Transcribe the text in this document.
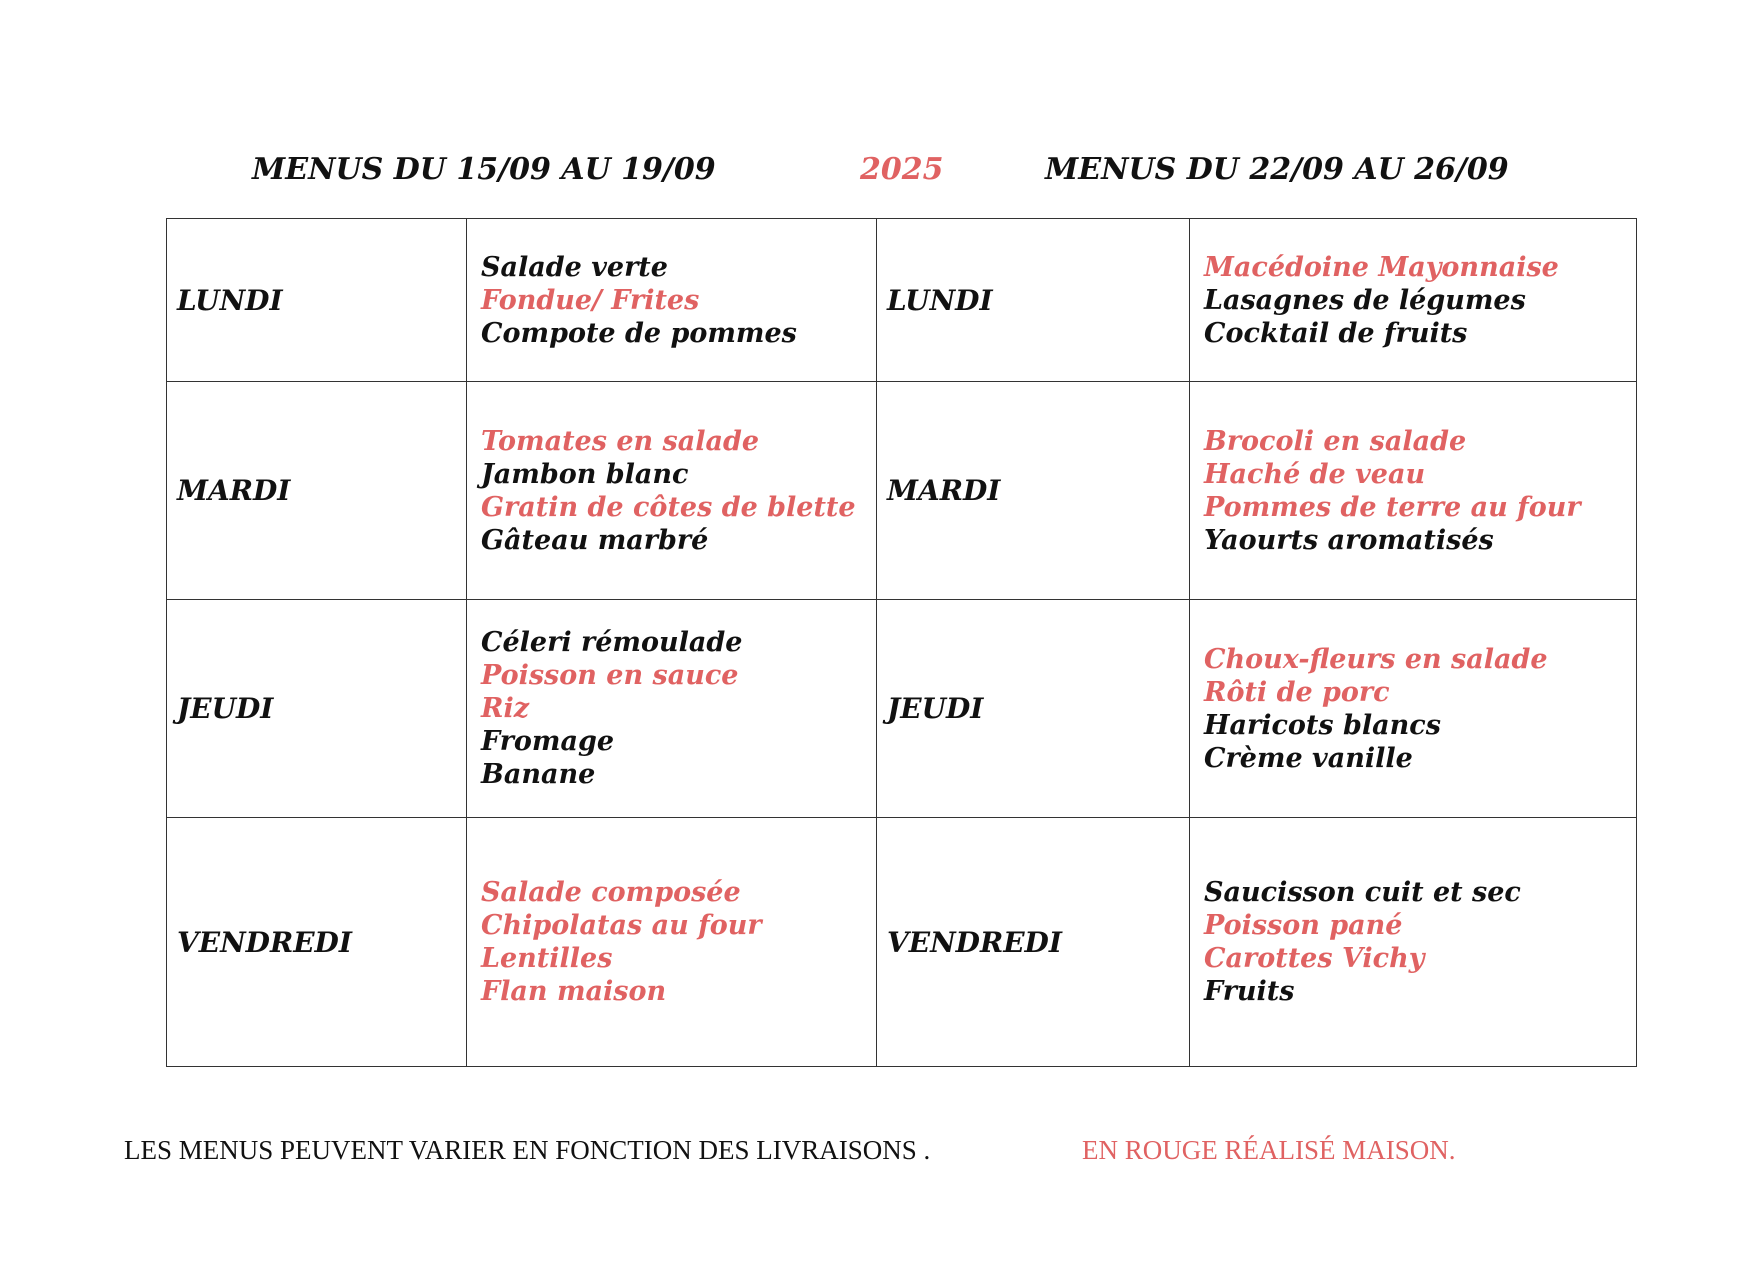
MENUS DU 15/09 AU 19/09	2025	MENUS DU 22/09 AU 26/09
LUNDI	Salade verte
Fondue/ Frites
Compote de pommes	LUNDI	Macédoine Mayonnaise
Lasagnes de légumes
Cocktail de fruits

MARDI	Tomates en salade
Jambon blanc
Gratin de côtes de blette
Gâteau marbré	MARDI	Brocoli en salade
Haché de veau
Pommes de terre au four
Yaourts aromatisés

JEUDI	Céleri rémoulade
Poisson en sauce
Riz
Fromage
Banane	JEUDI	Choux-fleurs en salade
Rôti de porc
Haricots blancs
Crème vanille

VENDREDI	Salade composée
Chipolatas au four
Lentilles
Flan maison	VENDREDI	Saucisson cuit et sec
Poisson pané
Carottes Vichy
Fruits
LES MENUS PEUVENT VARIER EN FONCTION DES LIVRAISONS .	EN ROUGE RÉALISÉ MAISON.
